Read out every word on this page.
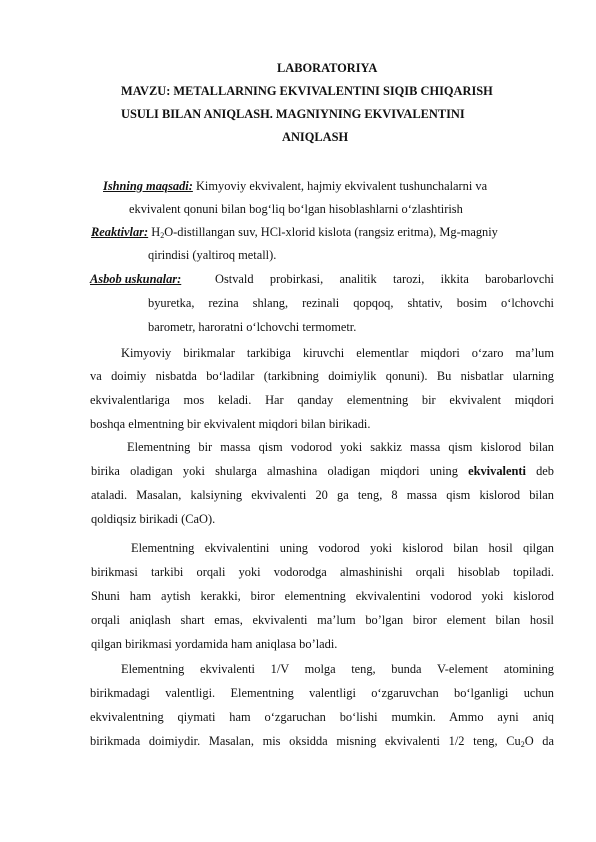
LABORATORIYA
MAVZU: METALLARNING EKVIVALENTINI SIQIB CHIQARISH
USULI BILAN ANIQLASH. MAGNIYNING EKVIVALENTINI
ANIQLASH
Ishning maqsadi: Kimyoviy ekvivalent, hajmiy ekvivalent tushunchalarni va
ekvivalent qonuni bilan bog‘liq bo‘lgan hisoblashlarni o‘zlashtirish
Reaktivlar: $H_2O$-distillangan suv, HCl-xlorid kislota (rangsiz eritma), Mg-magniy
qirindisi (yaltiroq metall).
Asbob uskunalar:	Ostvald probirkasi, analitik tarozi, ikkita barobarlovchi
byuretka, rezina shlang, rezinali qopqoq, shtativ, bosim o‘lchovchi
barometr, haroratni o‘lchovchi termometr.
Kimyoviy birikmalar tarkibiga kiruvchi elementlar miqdori o‘zaro ma’lum
va doimiy nisbatda bo‘ladilar (tarkibning doimiylik qonuni). Bu nisbatlar ularning
ekvivalentlariga mos keladi. Har qanday elementning bir ekvivalent miqdori
boshqa elmentning bir ekvivalent miqdori bilan birikadi.
Elementning bir massa qism vodorod yoki sakkiz massa qism kislorod bilan
birika oladigan yoki shularga almashina oladigan miqdori uning ekvivalenti deb
ataladi. Masalan, kalsiyning ekvivalenti 20 ga teng, 8 massa qism kislorod bilan
qoldiqsiz birikadi (CaO).
Elementning ekvivalentini uning vodorod yoki kislorod bilan hosil qilgan
birikmasi tarkibi orqali yoki vodorodga almashinishi orqali hisoblab topiladi.
Shuni ham aytish kerakki, biror elementning ekvivalentini vodorod yoki kislorod
orqali aniqlash shart emas, ekvivalenti ma’lum bo’lgan biror element bilan hosil
qilgan birikmasi yordamida ham aniqlasa bo’ladi.
Elementning ekvivalenti 1/V molga teng, bunda V-element atomining
birikmadagi valentligi. Elementning valentligi o‘zgaruvchan bo‘lganligi uchun
ekvivalentning qiymati ham o‘zgaruchan bo‘lishi mumkin. Ammo ayni aniq
birikmada doimiydir. Masalan, mis oksidda misning ekvivalenti 1/2 teng, $Cu_2O$ da
